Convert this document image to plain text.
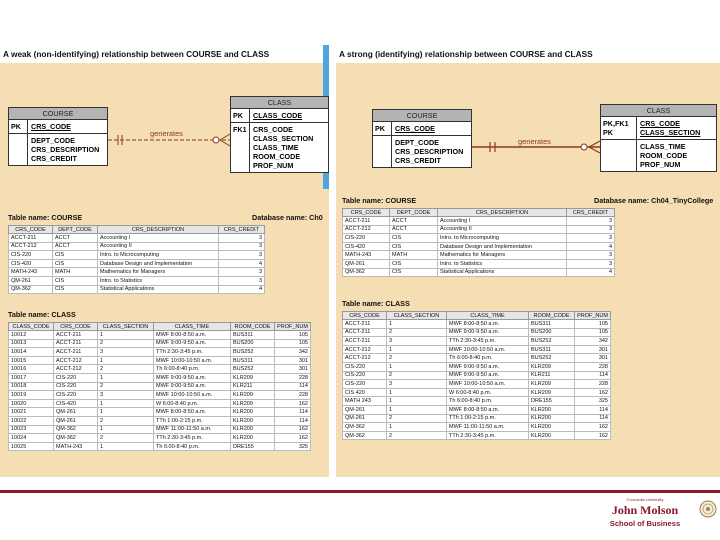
A weak (non-identifying) relationship between COURSE and CLASS
COURSE
PK	CRS_CODE
DEPT_CODE
CRS_DESCRIPTION
CRS_CREDIT
CLASS
PK	CLASS_CODE
FK1 CRS_CODE
CLASS_SECTION
CLASS_TIME
ROOM_CODE
PROF_NUM
generates
Table name: COURSE	Database name: Ch0
CRS_CODE	DEPT_CODE	CRS_DESCRIPTION	CRS_CREDIT
ACCT-211	ACCT	Accounting I	3
ACCT-212	ACCT	Accounting II	3
CIS-220	CIS	Intro. to Microcomputing	3
CIS-420	CIS	Database Design and Implementation	4
MATH-243	MATH	Mathematics for Managers	3
QM-261	CIS	Intro. to Statistics	3
QM-362	CIS	Statistical Applications	4
Table name: CLASS
CLASS_CODE	CRS_CODE	CLASS_SECTION	CLASS_TIME	ROOM_CODE	PROF_NUM
10012	ACCT-211	1	MWF 8:00-8:50 a.m.	BUS311	105
10013	ACCT-211	2	MWF 9:00-9:50 a.m.	BUS200	105
10014	ACCT-211	3	TTh 2:30-3:45 p.m.	BUS252	342
10015	ACCT-212	1	MWF 10:00-10:50 a.m.	BUS311	301
10016	ACCT-212	2	Th 6:00-8:40 p.m.	BUS252	301
10017	CIS-220	1	MWF 9:00-9:50 a.m.	KLR209	228
10018	CIS-220	2	MWF 9:00-9:50 a.m.	KLR211	114
10019	CIS-220	3	MWF 10:00-10:50 a.m.	KLR209	228
10020	CIS-420	1	W 6:00-8:40 p.m.	KLR209	162
10021	QM-261	1	MWF 8:00-8:50 a.m.	KLR200	114
10022	QM-261	2	TTh 1:00-2:15 p.m.	KLR200	114
10023	QM-362	1	MWF 11:00-11:50 a.m.	KLR200	162
10024	QM-362	2	TTh 2:30-3:45 p.m.	KLR200	162
10025	MATH-243	1	Th 6:00-8:40 p.m.	DRE155	325
A strong (identifying) relationship between COURSE and CLASS
COURSE
PK	CRS_CODE
DEPT_CODE
CRS_DESCRIPTION
CRS_CREDIT
CLASS
PK,FK1
PK
CRS_CODE
CLASS_SECTION
CLASS_TIME
ROOM_CODE
PROF_NUM
generates
Table name: COURSE	Database name: Ch04_TinyCollege
CRS_CODE	DEPT_CODE	CRS_DESCRIPTION	CRS_CREDIT
ACCT-211	ACCT	Accounting I	3
ACCT-212	ACCT	Accounting II	3
CIS-220	CIS	Intro. to Microcomputing	3
CIS-420	CIS	Database Design and Implementation	4
MATH-243	MATH	Mathematics for Managers	3
QM-261	CIS	Intro. to Statistics	3
QM-362	CIS	Statistical Applications	4
Table name: CLASS
CRS_CODE	CLASS_SECTION	CLASS_TIME	ROOM_CODE	PROF_NUM
ACCT-211	1	MWF 8:00-8:50 a.m.	BUS311	105
ACCT-211	2	MWF 9:00-9:50 a.m.	BUS200	105
ACCT-211	3	TTh 2:30-3:45 p.m.	BUS252	342
ACCT-212	1	MWF 10:00-10:50 a.m.	BUS311	301
ACCT-212	2	Th 6:00-8:40 p.m.	BUS252	301
CIS-220	1	MWF 9:00-9:50 a.m.	KLR209	228
CIS-220	2	MWF 9:00-9:50 a.m.	KLR211	114
CIS-220	3	MWF 10:00-10:50 a.m.	KLR209	228
CIS 420	1	W 6:00-8:40 p.m.	KLR209	162
MATH 243	1	Th 6:00-8:40 p.m.	DRE155	325
QM-261	1	MWF 8:00-8:50 a.m.	KLR200	114
QM-261	2	TTh 1:00-2:15 p.m.	KLR200	114
QM-362	1	MWF 11:00-11:50 a.m.	KLR200	162
QM-362	2	TTh 2:30-3:45 p.m.	KLR200	162
Concordia University
John Molson
School of Business
